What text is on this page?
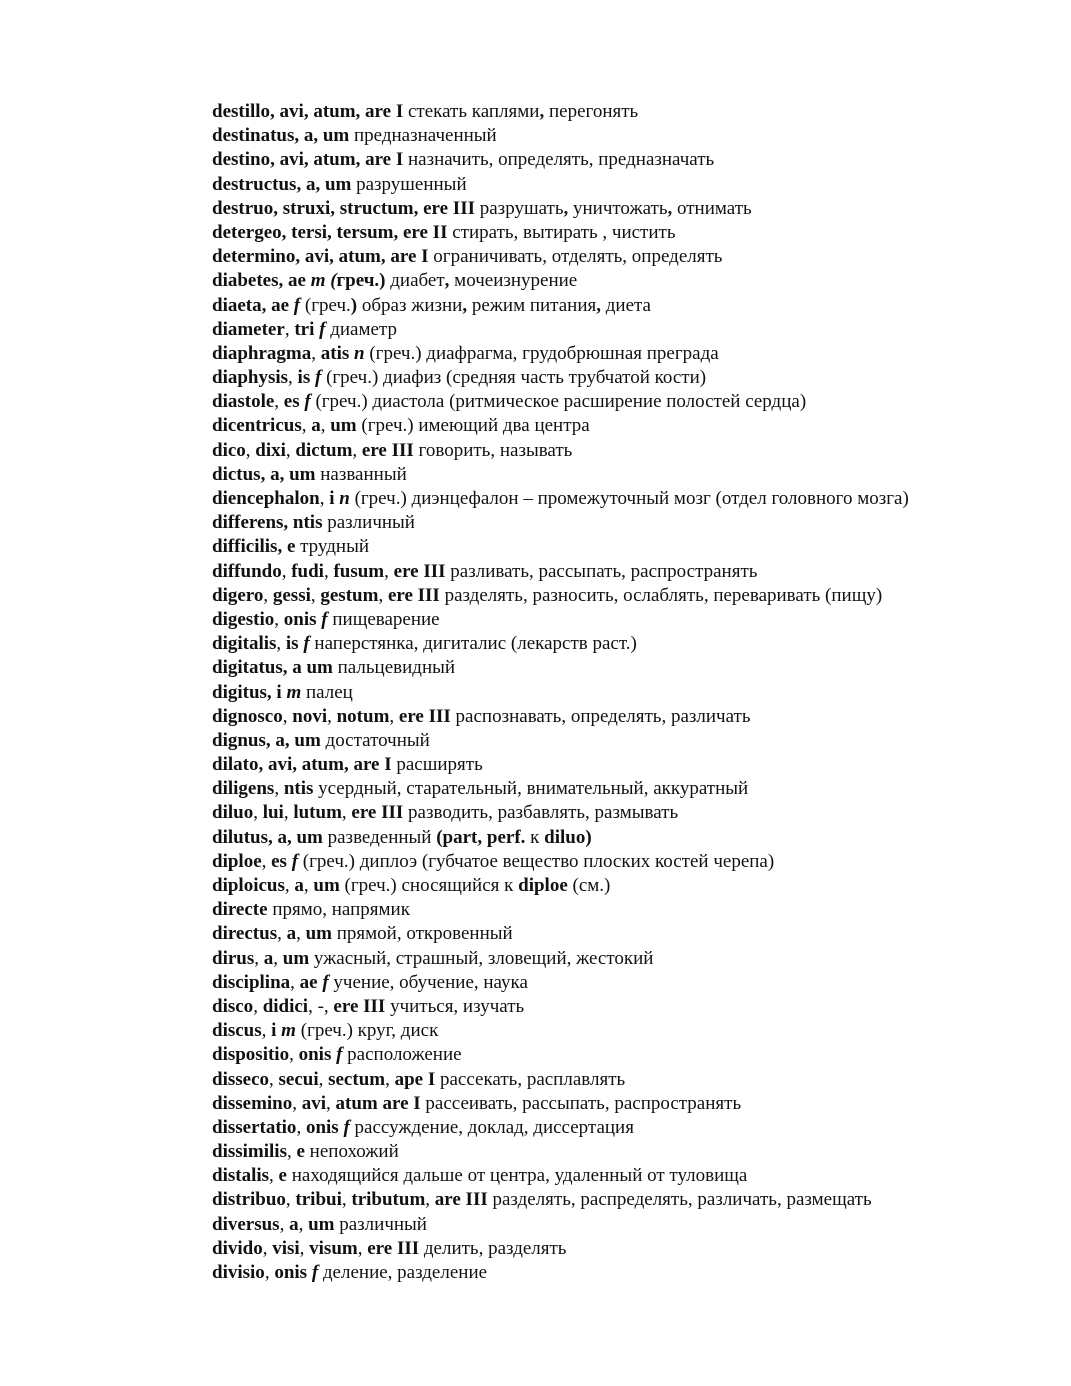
destillo, avi, atum, are I стекать каплями, перегонять
destinatus, a, um предназначенный
destino, avi, atum, are I назначить, определять, предназначать
destructus, a, um разрушенный
destruo, struxi, structum, ere III разрушать, уничтожать, отнимать
detergeo, tersi, tersum, ere II стирать, вытирать , чистить
determino, avi, atum, are I ограничивать, отделять, определять
diabetes, ae m (греч.) диабет, мочеизнурение
diaeta, ae f (греч.) образ жизни, режим питания, диета
diameter, tri f диаметр
diaphragma, atis n (греч.) диафрагма, грудобрюшная преграда
diaphysis, is f (греч.) диафиз (средняя часть трубчатой кости)
diastole, es f (греч.) диастола (ритмическое расширение полостей сердца)
dicentricus, a, um (греч.) имеющий два центра
dico, dixi, dictum, ere III говорить, называть
dictus, a, um названный
diencephalon, i n (греч.) диэнцефалон – промежуточный мозг (отдел головного мозга)
differens, ntis различный
difficilis, e трудный
diffundo, fudi, fusum, ere III разливать, рассыпать, распространять
digero, gessi, gestum, ere III разделять, разносить, ослаблять, переваривать (пищу)
digestio, onis f пищеварение
digitalis, is f наперстянка, дигиталис (лекарств раст.)
digitatus, a um пальцевидный
digitus, i m палец
dignosco, novi, notum, ere III распознавать, определять, различать
dignus, a, um достаточный
dilato, avi, atum, are I расширять
diligens, ntis усердный, старательный, внимательный, аккуратный
diluo, lui, lutum, ere III разводить, разбавлять, размывать
dilutus, a, um разведенный (part, perf. к diluo)
diploe, es f (греч.) диплоэ (губчатое вещество плоских костей черепа)
diploicus, a, um (греч.) сносящийся к diploe (см.)
directe прямо, напрямик
directus, a, um прямой, откровенный
dirus, a, um ужасный, страшный, зловещий, жестокий
disciplina, ae f учение, обучение, наука
disco, didici, -, ere III учиться, изучать
discus, i m (греч.) круг, диск
dispositio, onis f расположение
disseco, secui, sectum, ape I рассекать, расплавлять
dissemino, avi, atum are I рассеивать, рассыпать, распространять
dissertatio, onis f рассуждение, доклад, диссертация
dissimilis, e непохожий
distalis, e находящийся дальше от центра, удаленный от туловища
distribuo, tribui, tributum, are III разделять, распределять, различать, размещать
diversus, a, um различный
divido, visi, visum, ere III делить, разделять
divisio, onis f деление, разделение
